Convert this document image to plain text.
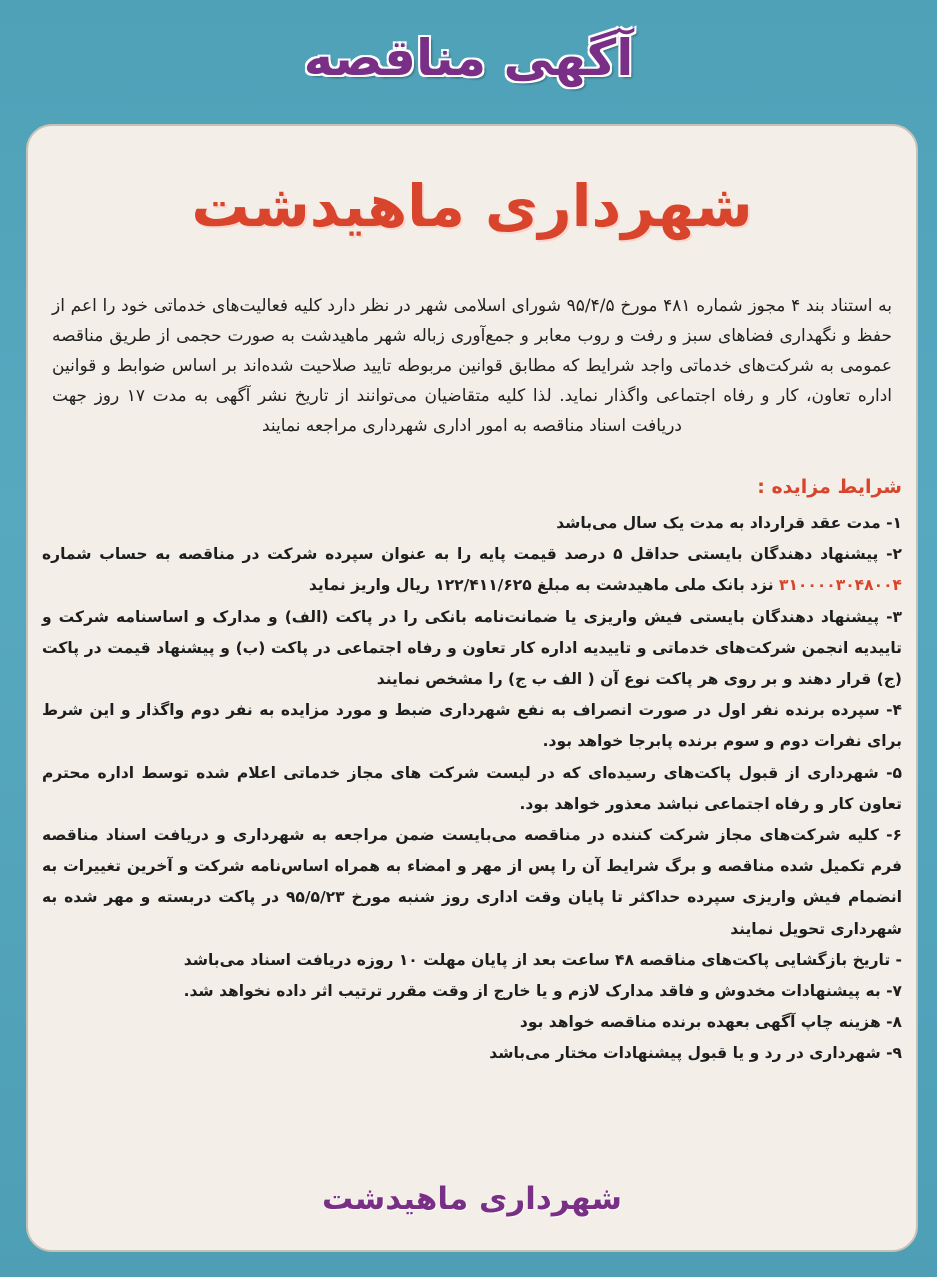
آگهی مناقصه
شهرداری ماهیدشت

به استناد بند ۴ مجوز شماره ۴۸۱ مورخ ۹۵/۴/۵ شورای اسلامی شهر در نظر دارد کلیه فعالیت‌های خدماتی خود را اعم از حفظ و نگهداری فضاهای سبز و رفت و روب معابر و جمع‌آوری زباله شهر ماهیدشت به صورت حجمی از طریق مناقصه عمومی به شرکت‌های خدماتی واجد شرایط که مطابق قوانین مربوطه تایید صلاحیت شده‌اند بر اساس ضوابط و قوانین اداره تعاون، کار و رفاه اجتماعی واگذار نماید. لذا کلیه متقاضیان می‌توانند از تاریخ نشر آگهی به مدت ۱۷ روز جهت دریافت اسناد مناقصه به امور اداری شهرداری مراجعه نمایند

شرایط مزایده :
۱- مدت عقد قرارداد به مدت یک سال می‌باشد
۲- پیشنهاد دهندگان بایستی حداقل ۵ درصد قیمت پایه را به عنوان سپرده شرکت در مناقصه به حساب شماره ۳۱۰۰۰۰۳۰۴۸۰۰۴ نزد بانک ملی ماهیدشت به مبلغ ۱۲۲/۴۱۱/۶۲۵ ریال واریز نماید
۳- پیشنهاد دهندگان بایستی فیش واریزی یا ضمانت‌نامه بانکی را در پاکت (الف) و مدارک و اساسنامه شرکت و تاییدیه انجمن شرکت‌های خدماتی و تاییدیه اداره کار تعاون و رفاه اجتماعی در پاکت (ب) و پیشنهاد قیمت در پاکت (ج) قرار دهند و بر روی هر پاکت نوع آن ( الف ب ج) را مشخص نمایند
۴- سپرده برنده نفر اول در صورت انصراف به نفع شهرداری ضبط و مورد مزایده به نفر دوم واگذار و این شرط برای نفرات دوم و سوم برنده پابرجا خواهد بود.
۵- شهرداری از قبول پاکت‌های رسیده‌ای که در لیست شرکت های مجاز خدماتی اعلام شده توسط اداره محترم تعاون کار و رفاه اجتماعی نباشد معذور خواهد بود.
۶- کلیه شرکت‌های مجاز شرکت کننده در مناقصه می‌بایست ضمن مراجعه به شهرداری و دریافت اسناد مناقصه فرم تکمیل شده مناقصه و برگ شرایط آن را پس از مهر و امضاء به همراه اساس‌نامه شرکت و آخرین تغییرات به انضمام فیش واریزی سپرده حداکثر تا پایان وقت اداری روز شنبه مورخ ۹۵/۵/۲۳ در پاکت دربسته و مهر شده به شهرداری تحویل نمایند
- تاریخ بازگشایی پاکت‌های مناقصه ۴۸ ساعت بعد از پایان مهلت ۱۰ روزه دریافت اسناد می‌باشد
۷- به پیشنهادات مخدوش و فاقد مدارک لازم و یا خارج از وقت مقرر ترتیب اثر داده نخواهد شد.
۸- هزینه چاپ آگهی بعهده برنده مناقصه خواهد بود
۹- شهرداری در رد و یا قبول پیشنهادات مختار می‌باشد
شهرداری ماهیدشت
